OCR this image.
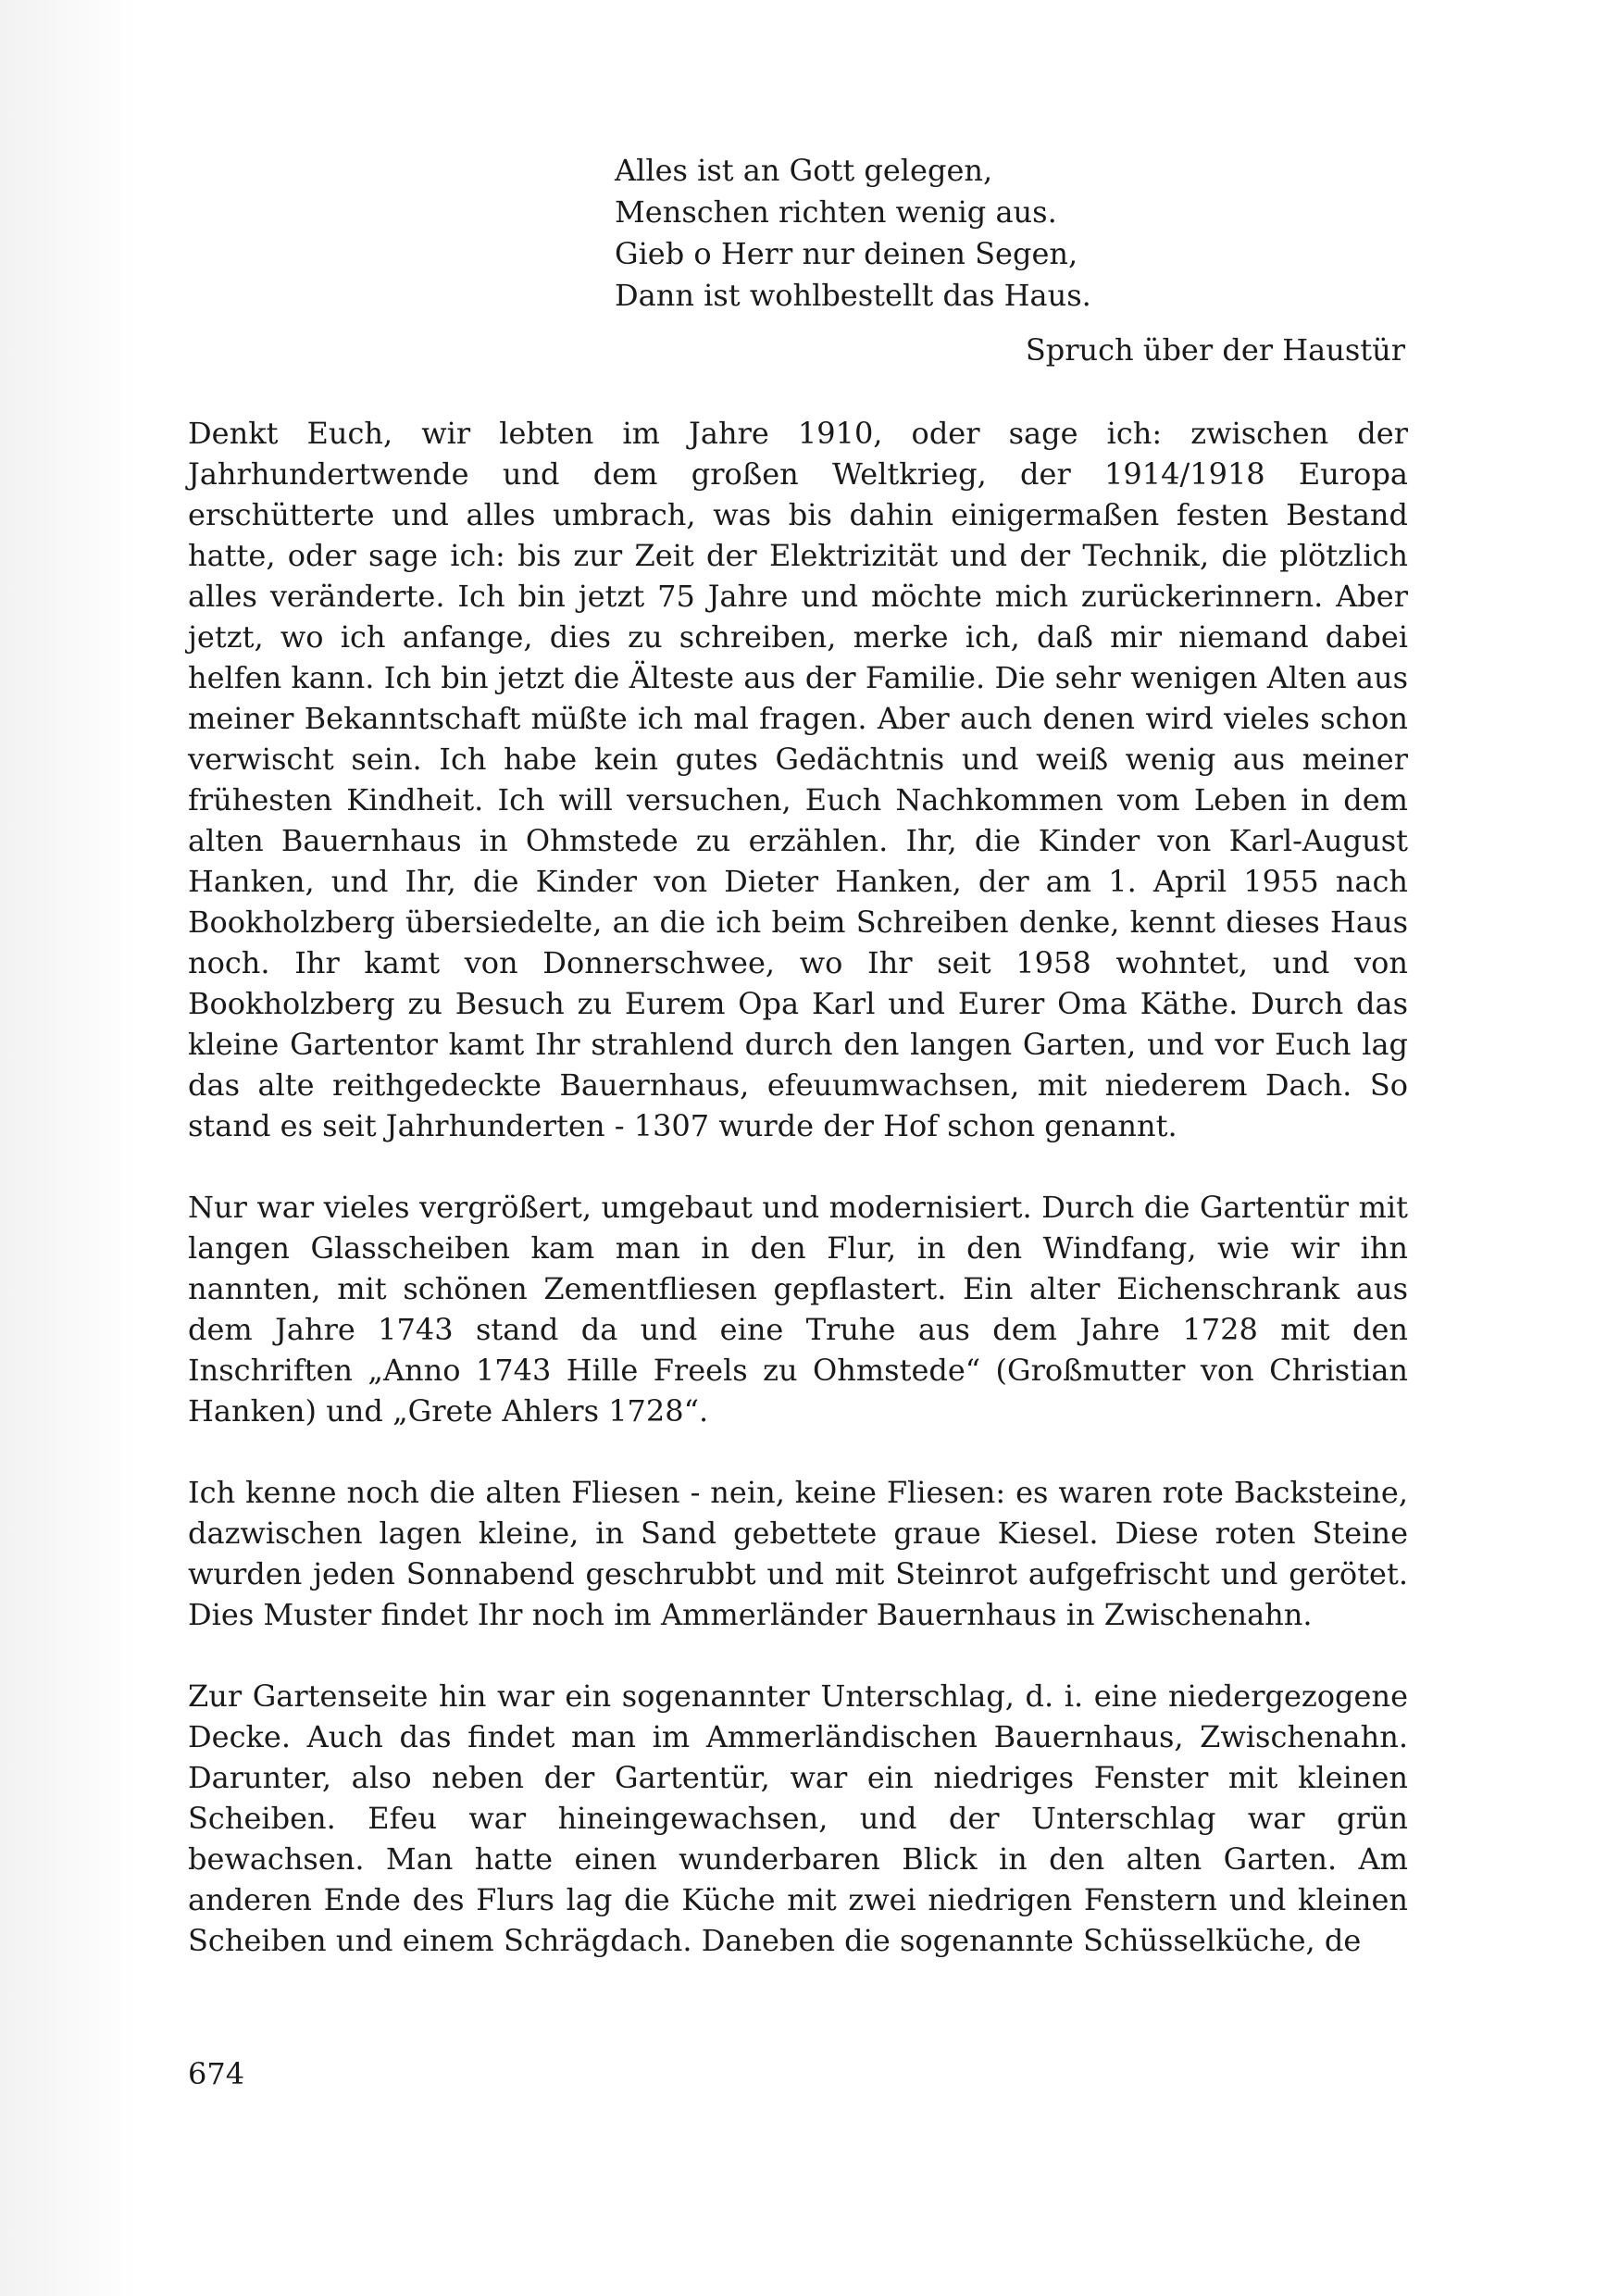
Alles ist an Gott gelegen,
Menschen richten wenig aus.
Gieb o Herr nur deinen Segen,
Dann ist wohlbestellt das Haus.
Spruch über der Haustür

Denkt Euch, wir lebten im Jahre 1910, oder sage ich: zwischen der Jahrhundertwende und dem großen Weltkrieg, der 1914/1918 Europa erschütterte und alles umbrach, was bis dahin einigermaßen festen Bestand hatte, oder sage ich: bis zur Zeit der Elektrizität und der Technik, die plötzlich alles veränderte. Ich bin jetzt 75 Jahre und möchte mich zurückerinnern. Aber jetzt, wo ich anfange, dies zu schreiben, merke ich, daß mir niemand dabei helfen kann. Ich bin jetzt die Älteste aus der Familie. Die sehr wenigen Alten aus meiner Bekanntschaft müßte ich mal fragen. Aber auch denen wird vieles schon verwischt sein. Ich habe kein gutes Gedächtnis und weiß wenig aus meiner frühesten Kindheit. Ich will versuchen, Euch Nachkommen vom Leben in dem alten Bauernhaus in Ohmstede zu erzählen. Ihr, die Kinder von Karl-August Hanken, und Ihr, die Kinder von Dieter Hanken, der am 1. April 1955 nach Bookholzberg übersiedelte, an die ich beim Schreiben denke, kennt dieses Haus noch. Ihr kamt von Donnerschwee, wo Ihr seit 1958 wohntet, und von Bookholzberg zu Besuch zu Eurem Opa Karl und Eurer Oma Käthe. Durch das kleine Gartentor kamt Ihr strahlend durch den langen Garten, und vor Euch lag das alte reithgedeckte Bauernhaus, efeuumwachsen, mit niederem Dach. So stand es seit Jahrhunderten - 1307 wurde der Hof schon genannt.

Nur war vieles vergrößert, umgebaut und modernisiert. Durch die Gartentür mit langen Glasscheiben kam man in den Flur, in den Windfang, wie wir ihn nannten, mit schönen Zementfliesen gepflastert. Ein alter Eichenschrank aus dem Jahre 1743 stand da und eine Truhe aus dem Jahre 1728 mit den Inschriften „Anno 1743 Hille Freels zu Ohmstede“ (Großmutter von Christian Hanken) und „Grete Ahlers 1728“.

Ich kenne noch die alten Fliesen - nein, keine Fliesen: es waren rote Backsteine, dazwischen lagen kleine, in Sand gebettete graue Kiesel. Diese roten Steine wurden jeden Sonnabend geschrubbt und mit Steinrot aufgefrischt und gerötet. Dies Muster findet Ihr noch im Ammerländer Bauernhaus in Zwischenahn.

Zur Gartenseite hin war ein sogenannter Unterschlag, d. i. eine niedergezogene Decke. Auch das findet man im Ammerländischen Bauernhaus, Zwischenahn. Darunter, also neben der Gartentür, war ein niedriges Fenster mit kleinen Scheiben. Efeu war hineingewachsen, und der Unterschlag war grün bewachsen. Man hatte einen wunderbaren Blick in den alten Garten. Am anderen Ende des Flurs lag die Küche mit zwei niedrigen Fenstern und kleinen Scheiben und einem Schrägdach. Daneben die sogenannte Schüsselküche, de

674
